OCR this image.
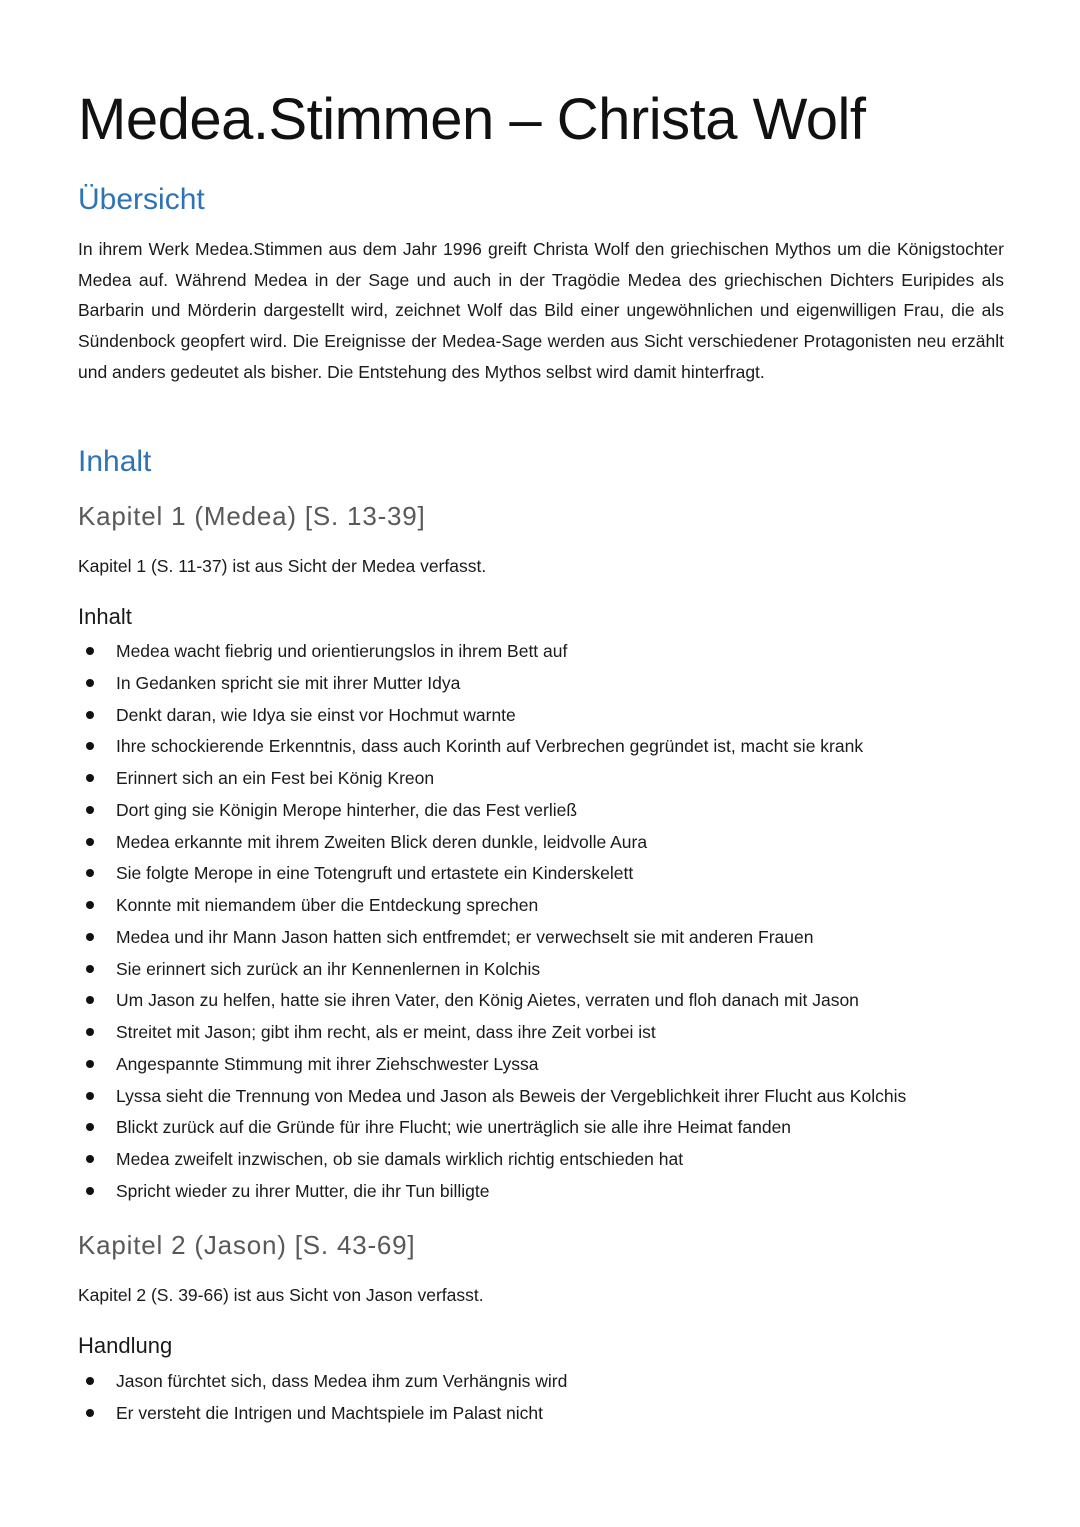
Medea.Stimmen – Christa Wolf
Übersicht

In ihrem Werk Medea.Stimmen aus dem Jahr 1996 greift Christa Wolf den griechischen Mythos um die Königstochter Medea auf. Während Medea in der Sage und auch in der Tragödie Medea des griechischen Dichters Euripides als Barbarin und Mörderin dargestellt wird, zeichnet Wolf das Bild einer ungewöhnlichen und eigenwilligen Frau, die als Sündenbock geopfert wird. Die Ereignisse der Medea-Sage werden aus Sicht verschiedener Protagonisten neu erzählt und anders gedeutet als bisher. Die Entstehung des Mythos selbst wird damit hinterfragt.

Inhalt
Kapitel 1 (Medea) [S. 13-39]

Kapitel 1 (S. 11-37) ist aus Sicht der Medea verfasst.

Inhalt
Medea wacht fiebrig und orientierungslos in ihrem Bett auf
In Gedanken spricht sie mit ihrer Mutter Idya
Denkt daran, wie Idya sie einst vor Hochmut warnte
Ihre schockierende Erkenntnis, dass auch Korinth auf Verbrechen gegründet ist, macht sie krank
Erinnert sich an ein Fest bei König Kreon
Dort ging sie Königin Merope hinterher, die das Fest verließ
Medea erkannte mit ihrem Zweiten Blick deren dunkle, leidvolle Aura
Sie folgte Merope in eine Totengruft und ertastete ein Kinderskelett
Konnte mit niemandem über die Entdeckung sprechen
Medea und ihr Mann Jason hatten sich entfremdet; er verwechselt sie mit anderen Frauen
Sie erinnert sich zurück an ihr Kennenlernen in Kolchis
Um Jason zu helfen, hatte sie ihren Vater, den König Aietes, verraten und floh danach mit Jason
Streitet mit Jason; gibt ihm recht, als er meint, dass ihre Zeit vorbei ist
Angespannte Stimmung mit ihrer Ziehschwester Lyssa
Lyssa sieht die Trennung von Medea und Jason als Beweis der Vergeblichkeit ihrer Flucht aus Kolchis
Blickt zurück auf die Gründe für ihre Flucht; wie unerträglich sie alle ihre Heimat fanden
Medea zweifelt inzwischen, ob sie damals wirklich richtig entschieden hat
Spricht wieder zu ihrer Mutter, die ihr Tun billigte
Kapitel 2 (Jason) [S. 43-69]

Kapitel 2 (S. 39-66) ist aus Sicht von Jason verfasst.

Handlung
Jason fürchtet sich, dass Medea ihm zum Verhängnis wird
Er versteht die Intrigen und Machtspiele im Palast nicht
